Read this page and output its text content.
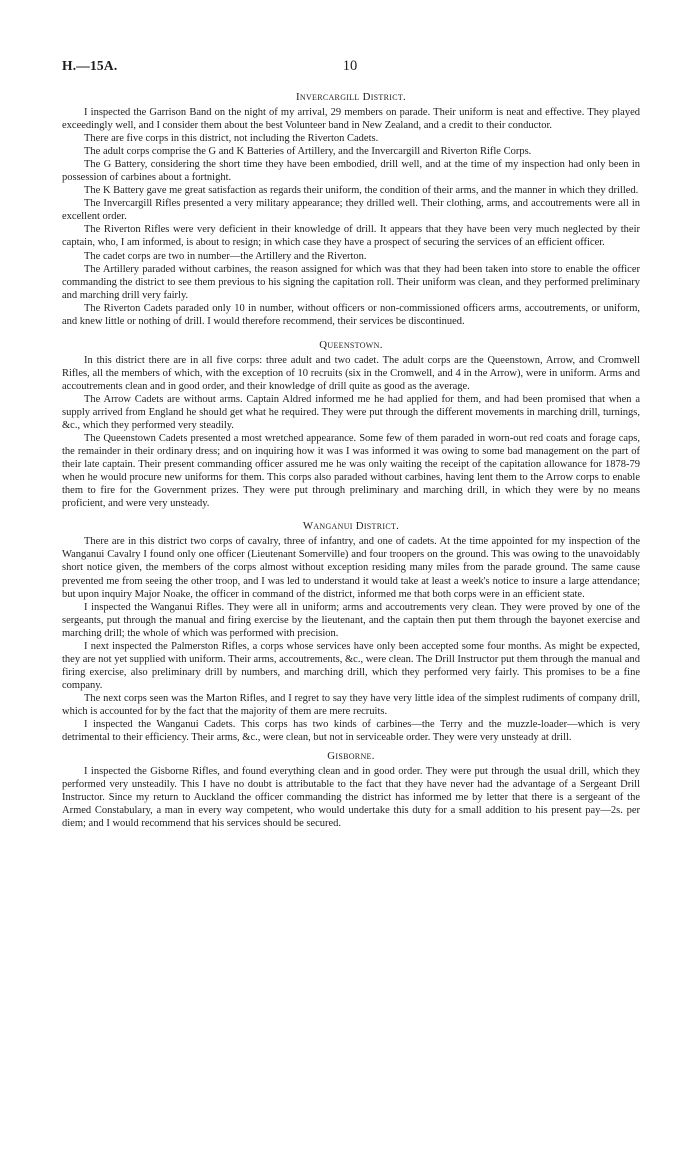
10
H.—15A.
Invercargill District.

I inspected the Garrison Band on the night of my arrival, 29 members on parade. Their uniform is neat and effective. They played exceedingly well, and I consider them about the best Volunteer band in New Zealand, and a credit to their conductor.

There are five corps in this district, not including the Riverton Cadets.

The adult corps comprise the G and K Batteries of Artillery, and the Invercargill and Riverton Rifle Corps.

The G Battery, considering the short time they have been embodied, drill well, and at the time of my inspection had only been in possession of carbines about a fortnight.

The K Battery gave me great satisfaction as regards their uniform, the condition of their arms, and the manner in which they drilled.

The Invercargill Rifles presented a very military appearance; they drilled well. Their clothing, arms, and accoutrements were all in excellent order.

The Riverton Rifles were very deficient in their knowledge of drill. It appears that they have been very much neglected by their captain, who, I am informed, is about to resign; in which case they have a prospect of securing the services of an efficient officer.

The cadet corps are two in number—the Artillery and the Riverton.

The Artillery paraded without carbines, the reason assigned for which was that they had been taken into store to enable the officer commanding the district to see them previous to his signing the capitation roll. Their uniform was clean, and they performed preliminary and marching drill very fairly.

The Riverton Cadets paraded only 10 in number, without officers or non-commissioned officers arms, accoutrements, or uniform, and knew little or nothing of drill. I would therefore recommend, their services be discontinued.

Queenstown.

In this district there are in all five corps: three adult and two cadet. The adult corps are the Queenstown, Arrow, and Cromwell Rifles, all the members of which, with the exception of 10 recruits (six in the Cromwell, and 4 in the Arrow), were in uniform. Arms and accoutrements clean and in good order, and their knowledge of drill quite as good as the average.

The Arrow Cadets are without arms. Captain Aldred informed me he had applied for them, and had been promised that when a supply arrived from England he should get what he required. They were put through the different movements in marching drill, turnings, &c., which they performed very steadily.

The Queenstown Cadets presented a most wretched appearance. Some few of them paraded in worn-out red coats and forage caps, the remainder in their ordinary dress; and on inquiring how it was I was informed it was owing to some bad management on the part of their late captain. Their present commanding officer assured me he was only waiting the receipt of the capitation allowance for 1878-79 when he would procure new uniforms for them. This corps also paraded without carbines, having lent them to the Arrow corps to enable them to fire for the Government prizes. They were put through preliminary and marching drill, in which they were by no means proficient, and were very unsteady.

Wanganui District.

There are in this district two corps of cavalry, three of infantry, and one of cadets. At the time appointed for my inspection of the Wanganui Cavalry I found only one officer (Lieutenant Somerville) and four troopers on the ground. This was owing to the unavoidably short notice given, the members of the corps almost without exception residing many miles from the parade ground. The same cause prevented me from seeing the other troop, and I was led to understand it would take at least a week's notice to insure a large attendance; but upon inquiry Major Noake, the officer in command of the district, informed me that both corps were in an efficient state.

I inspected the Wanganui Rifles. They were all in uniform; arms and accoutrements very clean. They were proved by one of the sergeants, put through the manual and firing exercise by the lieutenant, and the captain then put them through the bayonet exercise and marching drill; the whole of which was performed with precision.

I next inspected the Palmerston Rifles, a corps whose services have only been accepted some four months. As might be expected, they are not yet supplied with uniform. Their arms, accoutrements, &c., were clean. The Drill Instructor put them through the manual and firing exercise, also preliminary drill by numbers, and marching drill, which they performed very fairly. This promises to be a fine company.

The next corps seen was the Marton Rifles, and I regret to say they have very little idea of the simplest rudiments of company drill, which is accounted for by the fact that the majority of them are mere recruits.

I inspected the Wanganui Cadets. This corps has two kinds of carbines—the Terry and the muzzle-loader—which is very detrimental to their efficiency. Their arms, &c., were clean, but not in serviceable order. They were very unsteady at drill.

Gisborne.

I inspected the Gisborne Rifles, and found everything clean and in good order. They were put through the usual drill, which they performed very unsteadily. This I have no doubt is attributable to the fact that they have never had the advantage of a Sergeant Drill Instructor. Since my return to Auckland the officer commanding the district has informed me by letter that there is a sergeant of the Armed Constabulary, a man in every way competent, who would undertake this duty for a small addition to his present pay—2s. per diem; and I would recommend that his services should be secured.
